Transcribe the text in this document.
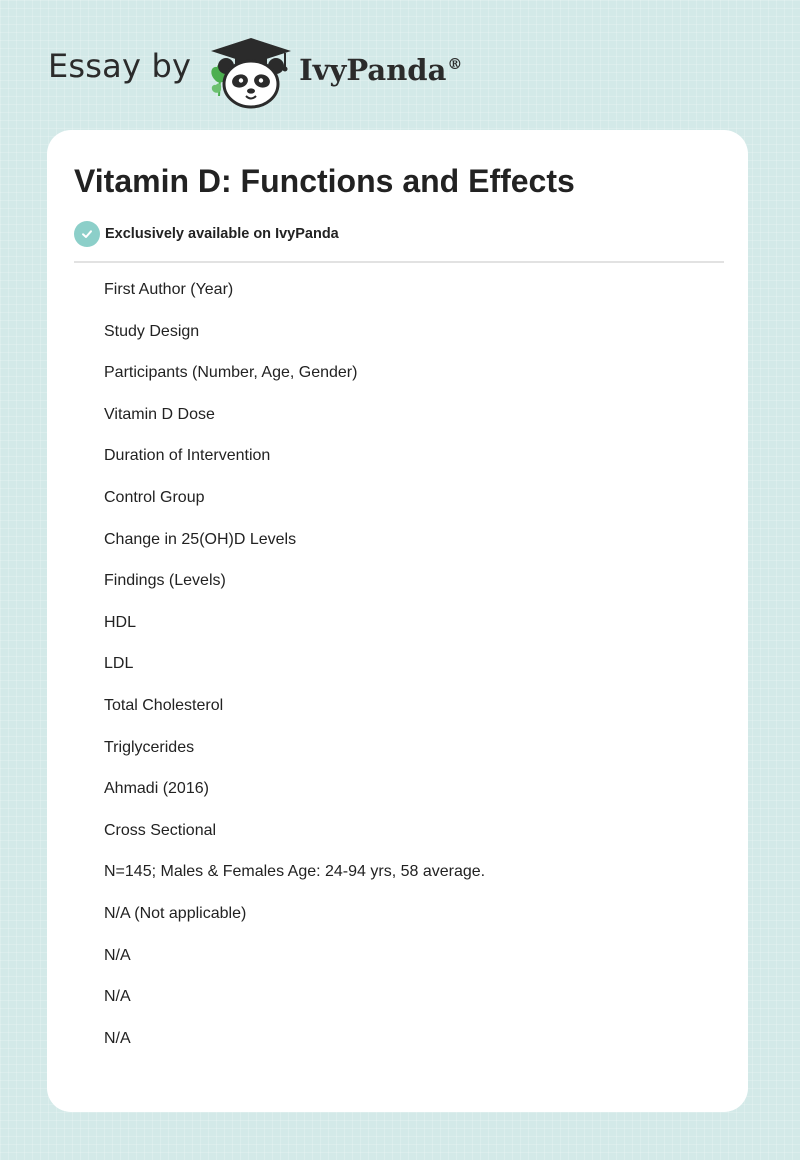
Essay by	IvyPanda®
Vitamin D: Functions and Effects
Exclusively available on IvyPanda
First Author (Year)
Study Design
Participants (Number, Age, Gender)
Vitamin D Dose
Duration of Intervention
Control Group
Change in 25(OH)D Levels
Findings (Levels)
HDL
LDL
Total Cholesterol
Triglycerides
Ahmadi (2016)
Cross Sectional
N=145; Males & Females Age: 24-94 yrs, 58 average.
N/A (Not applicable)
N/A
N/A
N/A
